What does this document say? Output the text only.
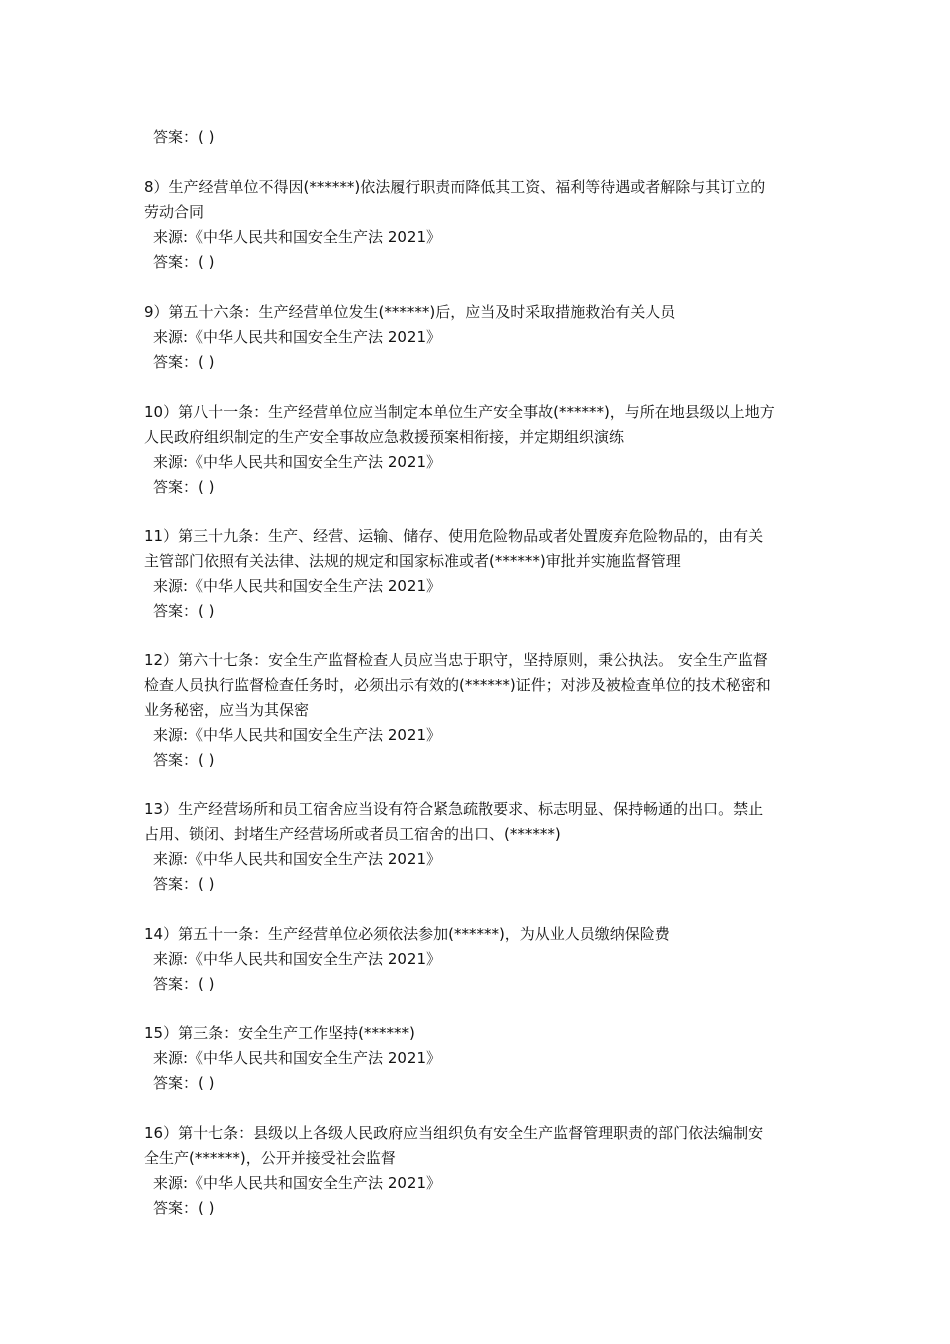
答案：( )
8）生产经营单位不得因(******)依法履行职责而降低其工资、福利等待遇或者解除与其订立的
劳动合同
来源:《中华人民共和国安全生产法 2021》
答案：( )
9）第五十六条：生产经营单位发生(******)后，应当及时采取措施救治有关人员
来源:《中华人民共和国安全生产法 2021》
答案：( )
10）第八十一条：生产经营单位应当制定本单位生产安全事故(******)，与所在地县级以上地方
人民政府组织制定的生产安全事故应急救援预案相衔接，并定期组织演练
来源:《中华人民共和国安全生产法 2021》
答案：( )
11）第三十九条：生产、经营、运输、储存、使用危险物品或者处置废弃危险物品的，由有关
主管部门依照有关法律、法规的规定和国家标准或者(******)审批并实施监督管理
来源:《中华人民共和国安全生产法 2021》
答案：( )
12）第六十七条：安全生产监督检查人员应当忠于职守，坚持原则，秉公执法。 安全生产监督
检查人员执行监督检查任务时，必须出示有效的(******)证件；对涉及被检查单位的技术秘密和
业务秘密，应当为其保密
来源:《中华人民共和国安全生产法 2021》
答案：( )
13）生产经营场所和员工宿舍应当设有符合紧急疏散要求、标志明显、保持畅通的出口。禁止
占用、锁闭、封堵生产经营场所或者员工宿舍的出口、(******)
来源:《中华人民共和国安全生产法 2021》
答案：( )
14）第五十一条：生产经营单位必须依法参加(******)，为从业人员缴纳保险费
来源:《中华人民共和国安全生产法 2021》
答案：( )
15）第三条：安全生产工作坚持(******)
来源:《中华人民共和国安全生产法 2021》
答案：( )
16）第十七条：县级以上各级人民政府应当组织负有安全生产监督管理职责的部门依法编制安
全生产(******)，公开并接受社会监督
来源:《中华人民共和国安全生产法 2021》
答案：( )
